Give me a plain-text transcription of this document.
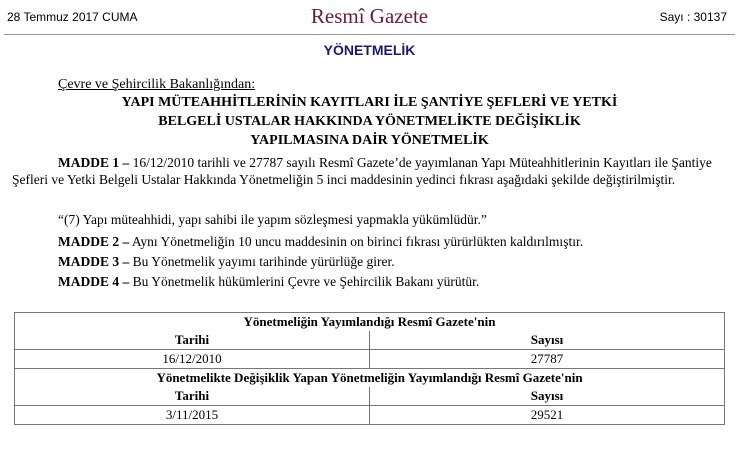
28 Temmuz 2017 CUMA	Resmî Gazete	Sayı : 30137
YÖNETMELİK
Çevre ve Şehircilik Bakanlığından:
YAPI MÜTEAHHİTLERİNİN KAYITLARI İLE ŞANTİYE ŞEFLERİ VE YETKİ
BELGELİ USTALAR HAKKINDA YÖNETMELİKTE DEĞİŞİKLİK
YAPILMASINA DAİR YÖNETMELİK
MADDE 1 – 16/12/2010 tarihli ve 27787 sayılı Resmî Gazete’de yayımlanan Yapı Müteahhitlerinin Kayıtları ile Şantiye Şefleri ve Yetki Belgeli Ustalar Hakkında Yönetmeliğin 5 inci maddesinin yedinci fıkrası aşağıdaki şekilde değiştirilmiştir.
“(7) Yapı müteahhidi, yapı sahibi ile yapım sözleşmesi yapmakla yükümlüdür.”
MADDE 2 – Aynı Yönetmeliğin 10 uncu maddesinin on birinci fıkrası yürürlükten kaldırılmıştır.
MADDE 3 – Bu Yönetmelik yayımı tarihinde yürürlüğe girer.
MADDE 4 – Bu Yönetmelik hükümlerini Çevre ve Şehircilik Bakanı yürütür.
Yönetmeliğin Yayımlandığı Resmî Gazete'nin	
Tarihi	Sayısı
16/12/2010	27787
Yönetmelikte Değişiklik Yapan Yönetmeliğin Yayımlandığı Resmî Gazete'nin	
Tarihi	Sayısı
3/11/2015	29521
